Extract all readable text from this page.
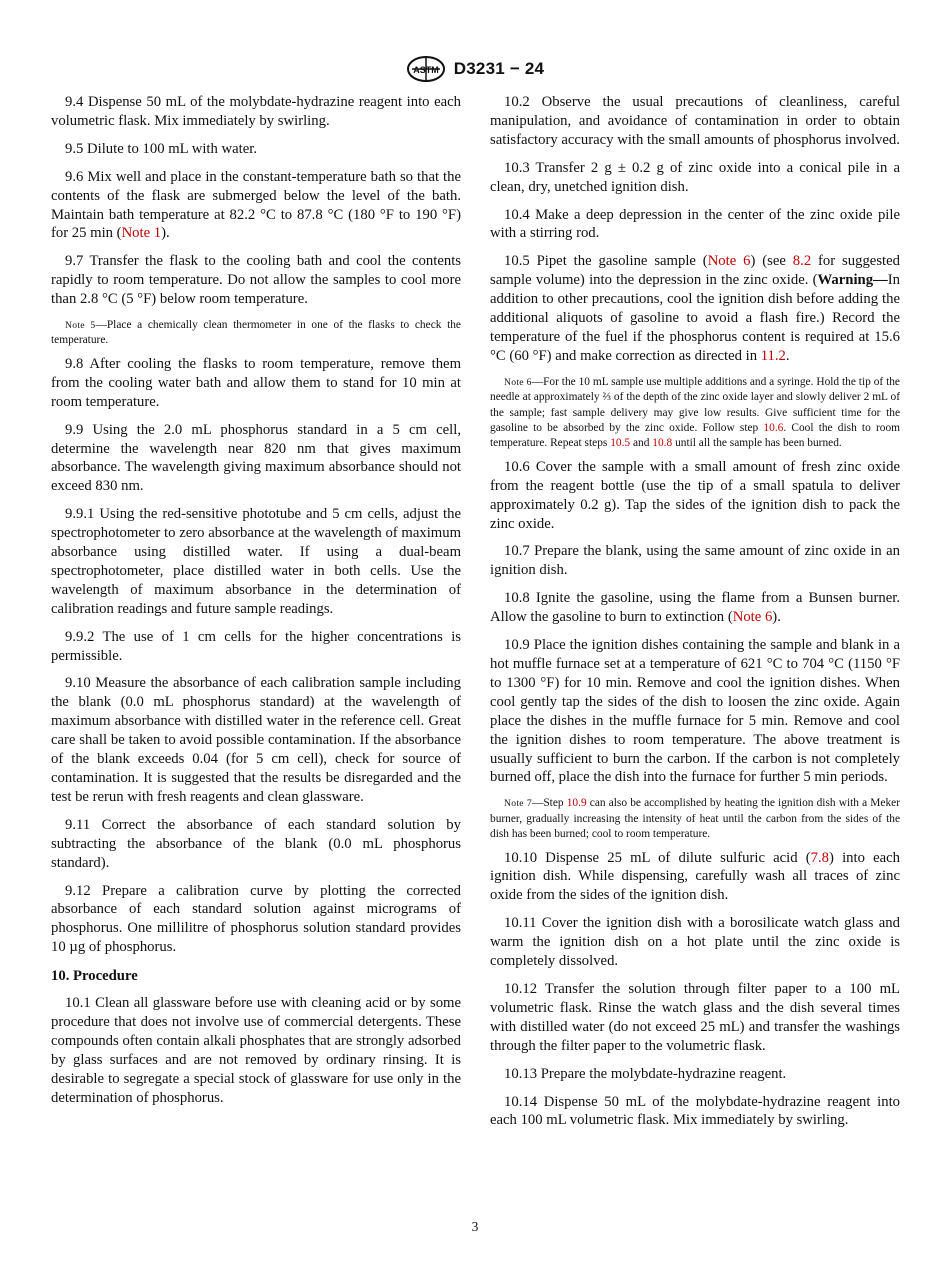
ASTM D3231 − 24

9.4 Dispense 50 mL of the molybdate-hydrazine reagent into each volumetric flask. Mix immediately by swirling.

9.5 Dilute to 100 mL with water.

9.6 Mix well and place in the constant-temperature bath so that the contents of the flask are submerged below the level of the bath. Maintain bath temperature at 82.2 °C to 87.8 °C (180 °F to 190 °F) for 25 min (Note 1).

9.7 Transfer the flask to the cooling bath and cool the contents rapidly to room temperature. Do not allow the samples to cool more than 2.8 °C (5 °F) below room temperature.

Note 5—Place a chemically clean thermometer in one of the flasks to check the temperature.

9.8 After cooling the flasks to room temperature, remove them from the cooling water bath and allow them to stand for 10 min at room temperature.

9.9 Using the 2.0 mL phosphorus standard in a 5 cm cell, determine the wavelength near 820 nm that gives maximum absorbance. The wavelength giving maximum absorbance should not exceed 830 nm.

9.9.1 Using the red-sensitive phototube and 5 cm cells, adjust the spectrophotometer to zero absorbance at the wavelength of maximum absorbance using distilled water. If using a dual-beam spectrophotometer, place distilled water in both cells. Use the wavelength of maximum absorbance in the determination of calibration readings and future sample readings.

9.9.2 The use of 1 cm cells for the higher concentrations is permissible.

9.10 Measure the absorbance of each calibration sample including the blank (0.0 mL phosphorus standard) at the wavelength of maximum absorbance with distilled water in the reference cell. Great care shall be taken to avoid possible contamination. If the absorbance of the blank exceeds 0.04 (for 5 cm cell), check for source of contamination. It is suggested that the results be disregarded and the test be rerun with fresh reagents and clean glassware.

9.11 Correct the absorbance of each standard solution by subtracting the absorbance of the blank (0.0 mL phosphorus standard).

9.12 Prepare a calibration curve by plotting the corrected absorbance of each standard solution against micrograms of phosphorus. One millilitre of phosphorus solution standard provides 10 µg of phosphorus.

10. Procedure

10.1 Clean all glassware before use with cleaning acid or by some procedure that does not involve use of commercial detergents. These compounds often contain alkali phosphates that are strongly adsorbed by glass surfaces and are not removed by ordinary rinsing. It is desirable to segregate a special stock of glassware for use only in the determination of phosphorus.

10.2 Observe the usual precautions of cleanliness, careful manipulation, and avoidance of contamination in order to obtain satisfactory accuracy with the small amounts of phosphorus involved.

10.3 Transfer 2 g ± 0.2 g of zinc oxide into a conical pile in a clean, dry, unetched ignition dish.

10.4 Make a deep depression in the center of the zinc oxide pile with a stirring rod.

10.5 Pipet the gasoline sample (Note 6) (see 8.2 for suggested sample volume) into the depression in the zinc oxide. (Warning—In addition to other precautions, cool the ignition dish before adding the additional aliquots of gasoline to avoid a flash fire.) Record the temperature of the fuel if the phosphorus content is required at 15.6 °C (60 °F) and make correction as directed in 11.2.

Note 6—For the 10 mL sample use multiple additions and a syringe. Hold the tip of the needle at approximately ⅔ of the depth of the zinc oxide layer and slowly deliver 2 mL of the sample; fast sample delivery may give low results. Give sufficient time for the gasoline to be absorbed by the zinc oxide. Follow step 10.6. Cool the dish to room temperature. Repeat steps 10.5 and 10.8 until all the sample has been burned.

10.6 Cover the sample with a small amount of fresh zinc oxide from the reagent bottle (use the tip of a small spatula to deliver approximately 0.2 g). Tap the sides of the ignition dish to pack the zinc oxide.

10.7 Prepare the blank, using the same amount of zinc oxide in an ignition dish.

10.8 Ignite the gasoline, using the flame from a Bunsen burner. Allow the gasoline to burn to extinction (Note 6).

10.9 Place the ignition dishes containing the sample and blank in a hot muffle furnace set at a temperature of 621 °C to 704 °C (1150 °F to 1300 °F) for 10 min. Remove and cool the ignition dishes. When cool gently tap the sides of the dish to loosen the zinc oxide. Again place the dishes in the muffle furnace for 5 min. Remove and cool the ignition dishes to room temperature. The above treatment is usually sufficient to burn the carbon. If the carbon is not completely burned off, place the dish into the furnace for further 5 min periods.

Note 7—Step 10.9 can also be accomplished by heating the ignition dish with a Meker burner, gradually increasing the intensity of heat until the carbon from the sides of the dish has been burned; cool to room temperature.

10.10 Dispense 25 mL of dilute sulfuric acid (7.8) into each ignition dish. While dispensing, carefully wash all traces of zinc oxide from the sides of the ignition dish.

10.11 Cover the ignition dish with a borosilicate watch glass and warm the ignition dish on a hot plate until the zinc oxide is completely dissolved.

10.12 Transfer the solution through filter paper to a 100 mL volumetric flask. Rinse the watch glass and the dish several times with distilled water (do not exceed 25 mL) and transfer the washings through the filter paper to the volumetric flask.

10.13 Prepare the molybdate-hydrazine reagent.

10.14 Dispense 50 mL of the molybdate-hydrazine reagent into each 100 mL volumetric flask. Mix immediately by swirling.

3
